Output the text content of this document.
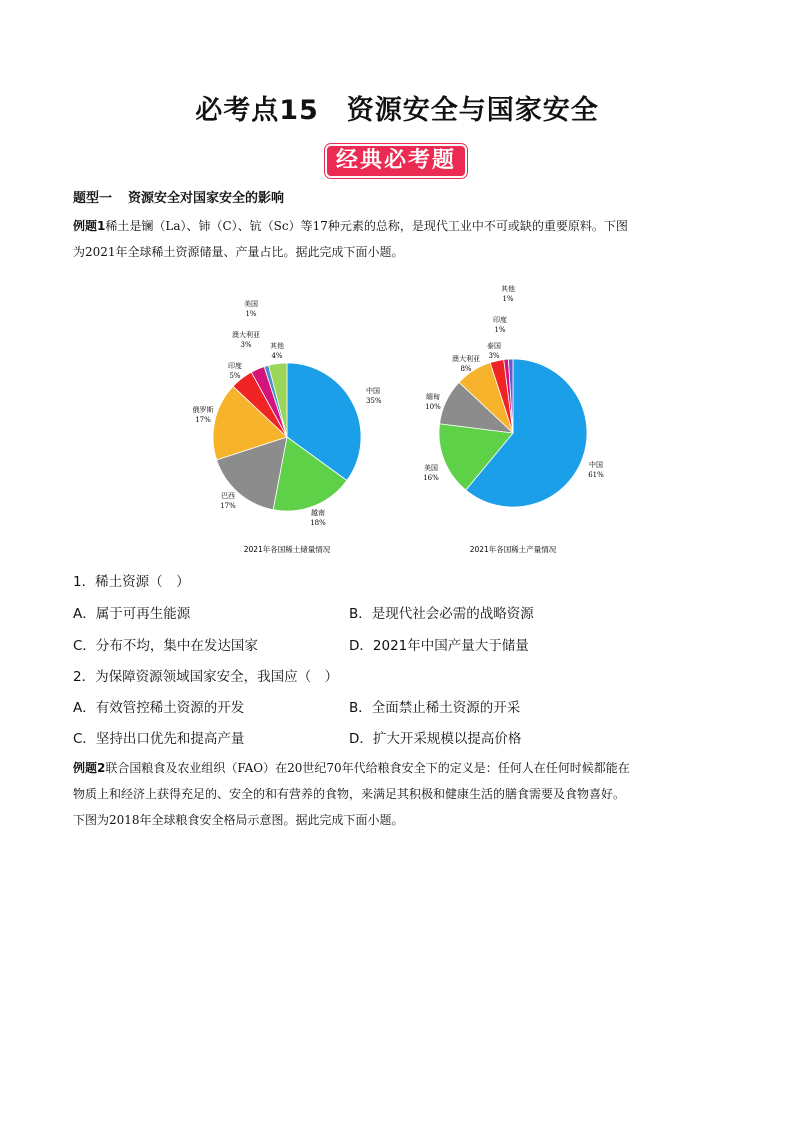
必考点15　资源安全与国家安全
经典必考题
题型一 资源安全对国家安全的影响
例题1稀土是镧（La）、铈（C）、钪（Sc）等17种元素的总称，是现代工业中不可或缺的重要原料。下图
为2021年全球稀土资源储量、产量占比。据此完成下面小题。
中国
35%
越南
18%
巴西
17%
俄罗斯
17%
印度
5%
澳大利亚
3%
美国
1%
其他
4%
中国
61%
美国
16%
缅甸
10%
澳大利亚
8%
泰国
3%
印度
1%
其他
1%
2021年各国稀土储量情况	2021年各国稀土产量情况
1．稀土资源（　）
A．属于可再生能源	B．是现代社会必需的战略资源
C．分布不均，集中在发达国家	D．2021年中国产量大于储量
2．为保障资源领域国家安全，我国应（　）
A．有效管控稀土资源的开发	B．全面禁止稀土资源的开采
C．坚持出口优先和提高产量	D．扩大开采规模以提高价格
例题2联合国粮食及农业组织（FAO）在20世纪70年代给粮食安全下的定义是：任何人在任何时候都能在
物质上和经济上获得充足的、安全的和有营养的食物，来满足其积极和健康生活的膳食需要及食物喜好。
下图为2018年全球粮食安全格局示意图。据此完成下面小题。
